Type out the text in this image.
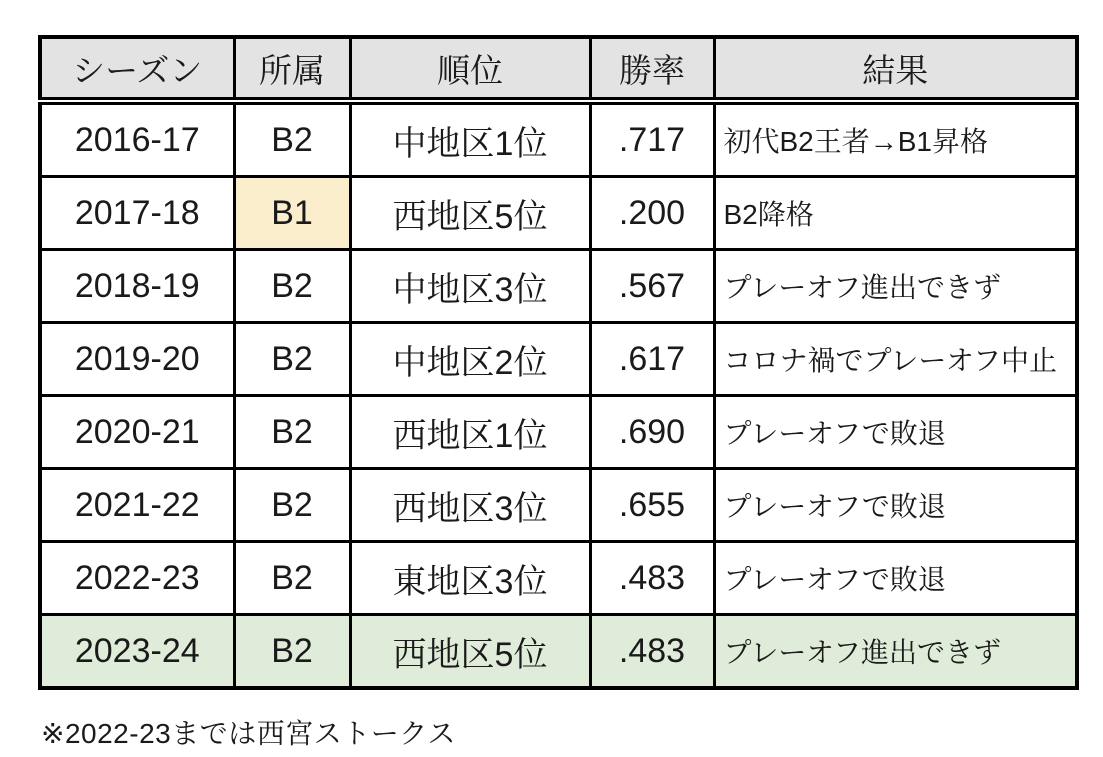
シーズン	所属	順位	勝率	結果
2016-17	B2	中地区1位	.717	初代B2王者→B1昇格
2017-18	B1	西地区5位	.200	B2降格
2018-19	B2	中地区3位	.567	プレーオフ進出できず
2019-20	B2	中地区2位	.617	コロナ禍でプレーオフ中止
2020-21	B2	西地区1位	.690	プレーオフで敗退
2021-22	B2	西地区3位	.655	プレーオフで敗退
2022-23	B2	東地区3位	.483	プレーオフで敗退
2023-24	B2	西地区5位	.483	プレーオフ進出できず
※2022-23までは西宮ストークス
